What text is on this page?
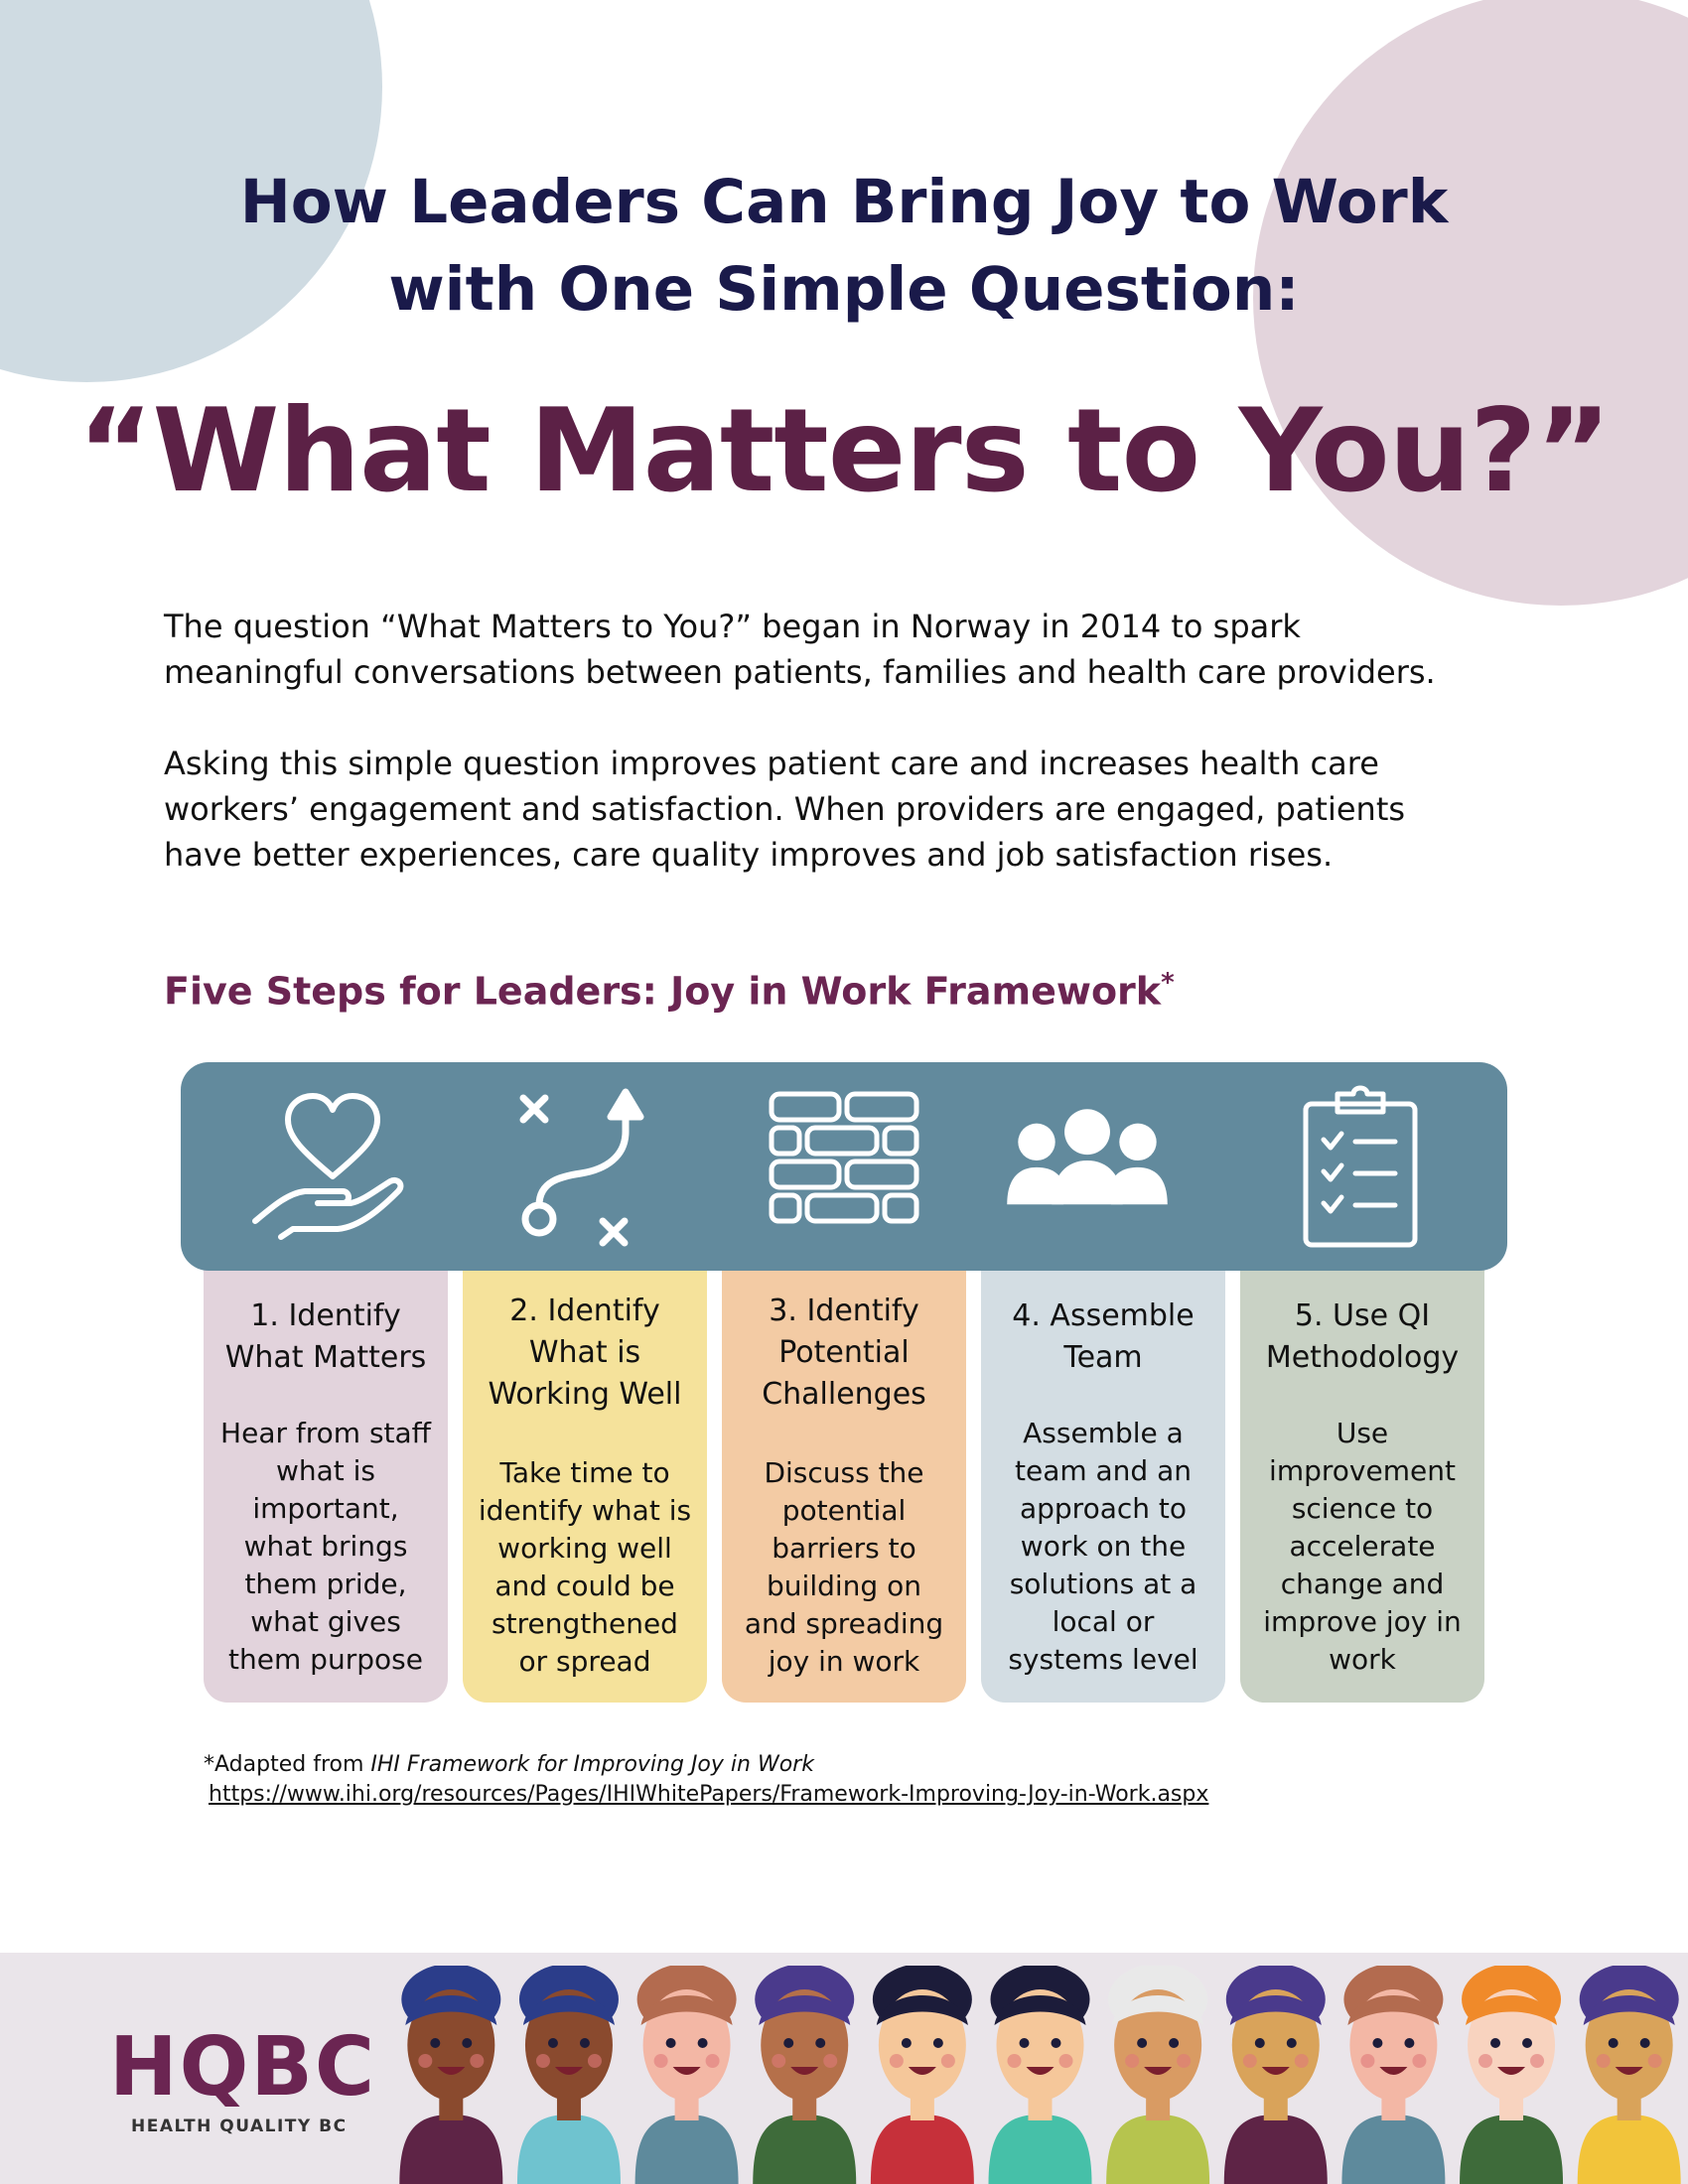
How Leaders Can Bring Joy to Work
with One Simple Question:
“What Matters to You?”

The question “What Matters to You?” began in Norway in 2014 to spark

meaningful conversations between patients, families and health care providers.

Asking this simple question improves patient care and increases health care

workers’ engagement and satisfaction. When providers are engaged, patients

have better experiences, care quality improves and job satisfaction rises.

Five Steps for Leaders: Joy in Work Framework*
1. Identify
What Matters
Hear from staff
what is
important,
what brings
them pride,
what gives
them purpose
2. Identify
What is
Working Well
Take time to
identify what is
working well
and could be
strengthened
or spread
3. Identify
Potential
Challenges
Discuss the
potential
barriers to
building on
and spreading
joy in work
4. Assemble
Team
Assemble a
team and an
approach to
work on the
solutions at a
local or
systems level
5. Use QI
Methodology
Use
improvement
science to
accelerate
change and
improve joy in
work
*Adapted from IHI Framework for Improving Joy in Work
https://www.ihi.org/resources/Pages/IHIWhitePapers/Framework-Improving-Joy-in-Work.aspx
HQBC
HEALTH QUALITY BC
